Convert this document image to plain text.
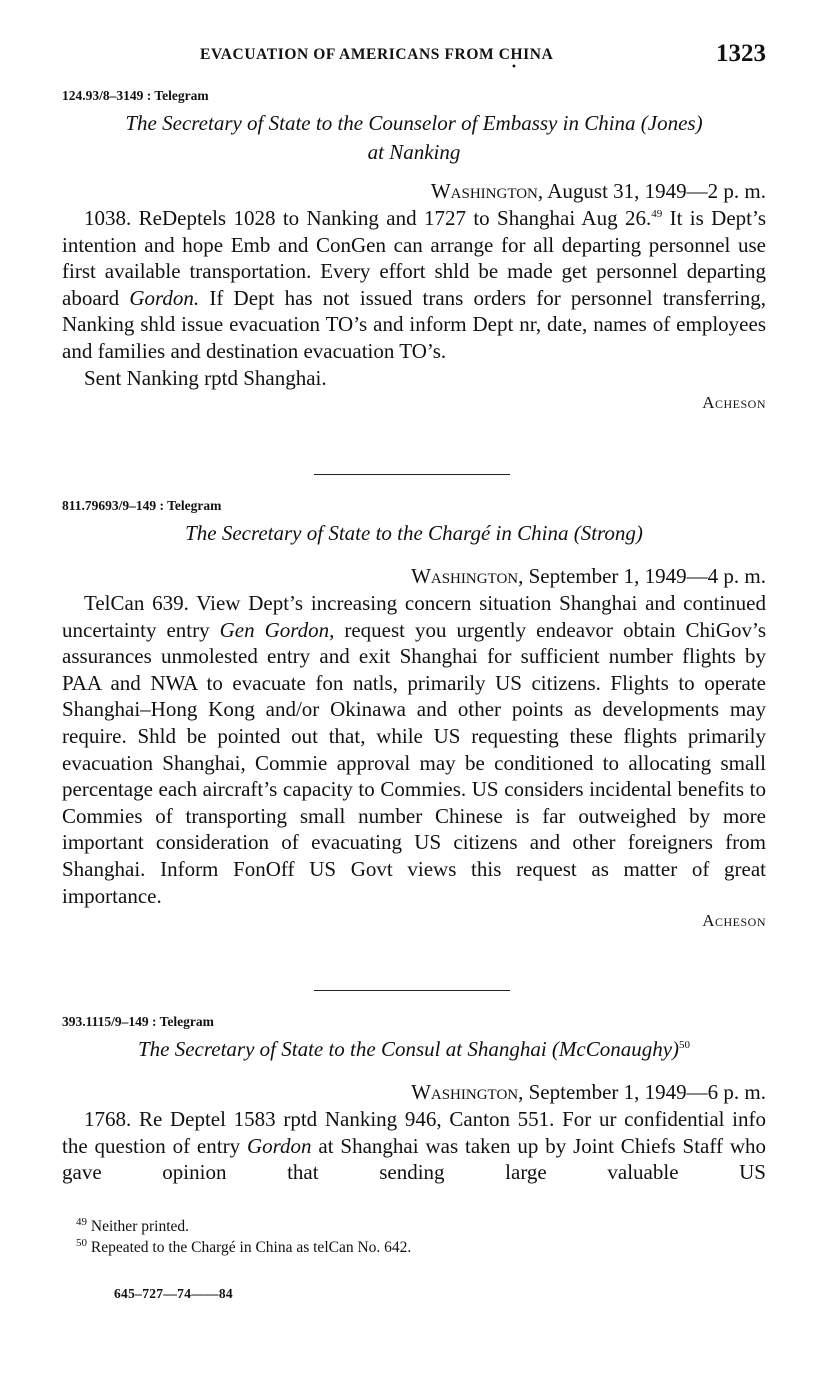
EVACUATION OF AMERICANS FROM CHINA
•
1323
124.93/8–3149 : Telegram
The Secretary of State to the Counselor of Embassy in China (Jones)
at Nanking
Washington, August 31, 1949—2 p. m.

1038. ReDeptels 1028 to Nanking and 1727 to Shanghai Aug 26.49 It is Dept’s intention and hope Emb and ConGen can arrange for all departing personnel use first available transportation. Every effort shld be made get personnel departing aboard Gordon. If Dept has not issued trans orders for personnel transferring, Nanking shld issue evacuation TO’s and inform Dept nr, date, names of employees and families and destination evacuation TO’s.

Sent Nanking rptd Shanghai.

Acheson
811.79693/9–149 : Telegram
The Secretary of State to the Chargé in China (Strong)
Washington, September 1, 1949—4 p. m.

TelCan 639. View Dept’s increasing concern situation Shanghai and continued uncertainty entry Gen Gordon, request you urgently endeavor obtain ChiGov’s assurances unmolested entry and exit Shanghai for sufficient number flights by PAA and NWA to evacuate fon natls, primarily US citizens. Flights to operate Shanghai–Hong Kong and/or Okinawa and other points as developments may require. Shld be pointed out that, while US requesting these flights primarily evacuation Shanghai, Commie approval may be conditioned to allocating small percentage each aircraft’s capacity to Commies. US considers incidental benefits to Commies of transporting small number Chinese is far outweighed by more important consideration of evacuating US citizens and other foreigners from Shanghai. Inform FonOff US Govt views this request as matter of great importance.

Acheson
393.1115/9–149 : Telegram
The Secretary of State to the Consul at Shanghai (McConaughy)$^{50}$
Washington, September 1, 1949—6 p. m.

1768. Re Deptel 1583 rptd Nanking 946, Canton 551. For ur confidential info the question of entry Gordon at Shanghai was taken up by Joint Chiefs Staff who gave opinion that sending large valuable US

$^{49}$ Neither printed.
$^{50}$ Repeated to the Chargé in China as telCan No. 642.
645–727—74——84
